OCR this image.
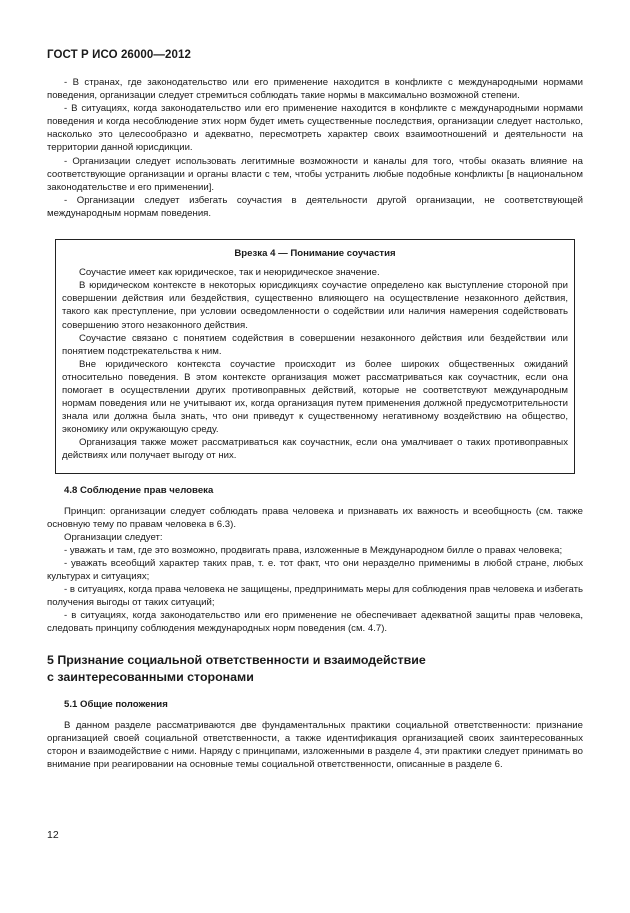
ГОСТ Р ИСО 26000—2012

- В странах, где законодательство или его применение находится в конфликте с международными нормами поведения, организации следует стремиться соблюдать такие нормы в максимально возможной степени.

- В ситуациях, когда законодательство или его применение находится в конфликте с международными нормами поведения и когда несоблюдение этих норм будет иметь существенные последствия, организации следует настолько, насколько это целесообразно и адекватно, пересмотреть характер своих взаимоотношений и деятельности на территории данной юрисдикции.

- Организации следует использовать легитимные возможности и каналы для того, чтобы оказать влияние на соответствующие организации и органы власти с тем, чтобы устранить любые подобные конфликты [в национальном законодательстве и его применении].

- Организации следует избегать соучастия в деятельности другой организации, не соответствующей международным нормам поведения.

Врезка 4 — Понимание соучастия

Соучастие имеет как юридическое, так и неюридическое значение.

В юридическом контексте в некоторых юрисдикциях соучастие определено как выступление стороной при совершении действия или бездействия, существенно влияющего на осуществление незаконного действия, такого как преступление, при условии осведомленности о содействии или наличия намерения содействовать совершению этого незаконного действия.

Соучастие связано с понятием содействия в совершении незаконного действия или бездействии или понятием подстрекательства к ним.

Вне юридического контекста соучастие происходит из более широких общественных ожиданий относительно поведения. В этом контексте организация может рассматриваться как соучастник, если она помогает в осуществлении других противоправных действий, которые не соответствуют международным нормам поведения или не учитывают их, когда организация путем применения должной предусмотрительности знала или должна была знать, что они приведут к существенному негативному воздействию на общество, экономику или окружающую среду.

Организация также может рассматриваться как соучастник, если она умалчивает о таких противоправных действиях или получает выгоду от них.

4.8 Соблюдение прав человека

Принцип: организации следует соблюдать права человека и признавать их важность и всеобщность (см. также основную тему по правам человека в 6.3).

Организации следует:

- уважать и там, где это возможно, продвигать права, изложенные в Международном билле о правах человека;

- уважать всеобщий характер таких прав, т. е. тот факт, что они неразделно применимы в любой стране, любых культурах и ситуациях;

- в ситуациях, когда права человека не защищены, предпринимать меры для соблюдения прав человека и избегать получения выгоды от таких ситуаций;

- в ситуациях, когда законодательство или его применение не обеспечивает адекватной защиты прав человека, следовать принципу соблюдения международных норм поведения (см. 4.7).

5 Признание социальной ответственности и взаимодействие
с заинтересованными сторонами
5.1 Общие положения

В данном разделе рассматриваются две фундаментальных практики социальной ответственности: признание организацией своей социальной ответственности, а также идентификация организацией своих заинтересованных сторон и взаимодействие с ними. Наряду с принципами, изложенными в разделе 4, эти практики следует принимать во внимание при реагировании на основные темы социальной ответственности, описанные в разделе 6.

12
